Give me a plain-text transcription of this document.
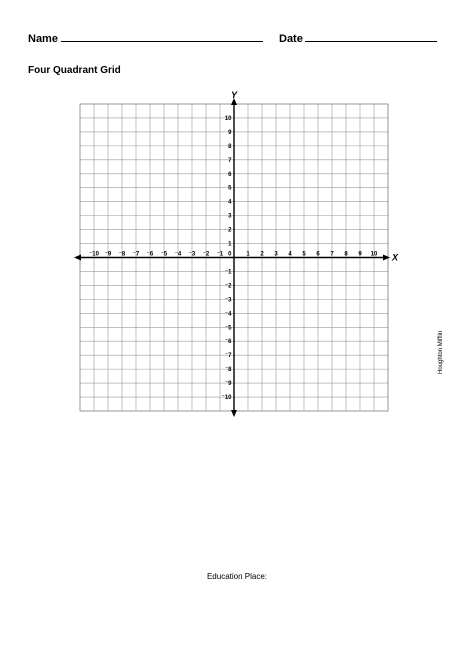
Name	Date
Four Quadrant Grid
⁻10 ⁻9 ⁻8 ⁻7 ⁻6 ⁻5 ⁻4 ⁻3 ⁻2 ⁻1 0 1 2 3 4 5 6 7 8 9 10
10
9
8
7
6
5
4
3
2
1
⁻1
⁻2
⁻3
⁻4
⁻5
⁻6
⁻7
⁻8
⁻9
⁻10
X
Y
Houghton Mifflin
Education Place:
